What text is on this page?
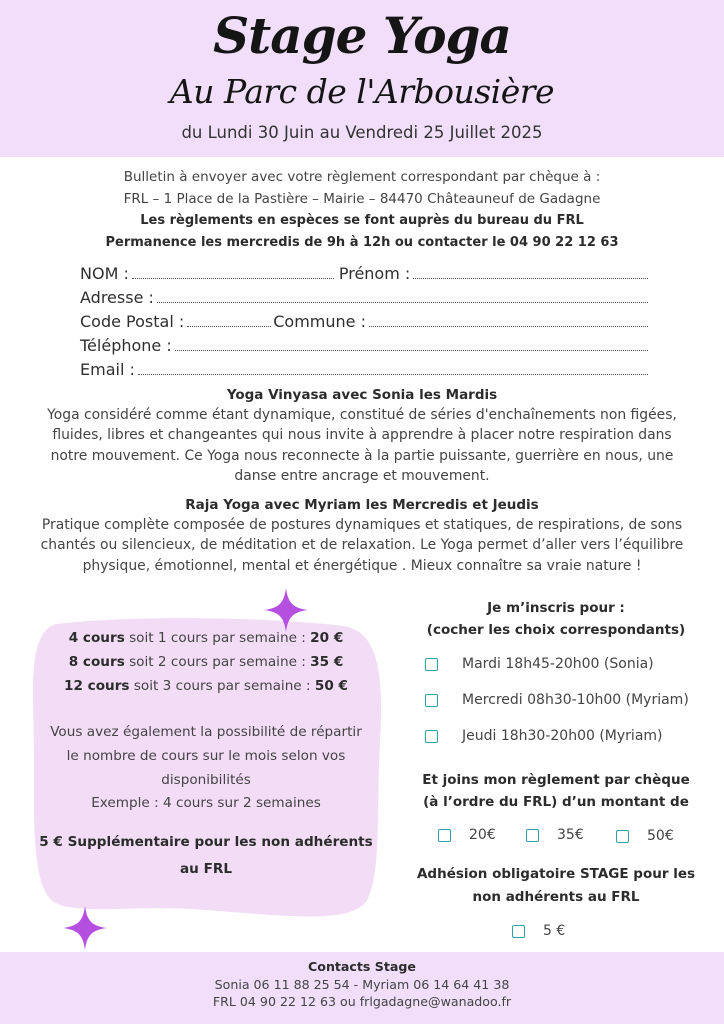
Stage Yoga
Au Parc de l'Arbousière
du Lundi 30 Juin au Vendredi 25 Juillet 2025
Bulletin à envoyer avec votre règlement correspondant par chèque à :
FRL – 1 Place de la Pastière – Mairie – 84470 Châteauneuf de Gadagne
Les règlements en espèces se font auprès du bureau du FRL
Permanence les mercredis de 9h à 12h ou contacter le 04 90 22 12 63
NOM :	Prénom :
Adresse :
Code Postal :	Commune :
Téléphone :
Email :
Yoga Vinyasa avec Sonia les Mardis
Yoga considéré comme étant dynamique, constitué de séries d'enchaînements non figées,
fluides, libres et changeantes qui nous invite à apprendre à placer notre respiration dans
notre mouvement. Ce Yoga nous reconnecte à la partie puissante, guerrière en nous, une
danse entre ancrage et mouvement.
Raja Yoga avec Myriam les Mercredis et Jeudis
Pratique complète composée de postures dynamiques et statiques, de respirations, de sons
chantés ou silencieux, de méditation et de relaxation. Le Yoga permet d’aller vers l’équilibre
physique, émotionnel, mental et énergétique . Mieux connaître sa vraie nature !
4 cours soit 1 cours par semaine : 20 €
8 cours soit 2 cours par semaine : 35 €
12 cours soit 3 cours par semaine : 50 €
Vous avez également la possibilité de répartir
le nombre de cours sur le mois selon vos
disponibilités
Exemple : 4 cours sur 2 semaines
5 € Supplémentaire pour les non adhérents
au FRL
Je m’inscris pour :
(cocher les choix correspondants)
Mardi 18h45-20h00 (Sonia)
Mercredi 08h30-10h00 (Myriam)
Jeudi 18h30-20h00 (Myriam)
Et joins mon règlement par chèque
(à l’ordre du FRL) d’un montant de
20€	35€	50€
Adhésion obligatoire STAGE pour les
non adhérents au FRL
5 €
Contacts Stage
Sonia 06 11 88 25 54 - Myriam 06 14 64 41 38
FRL 04 90 22 12 63 ou frlgadagne@wanadoo.fr
